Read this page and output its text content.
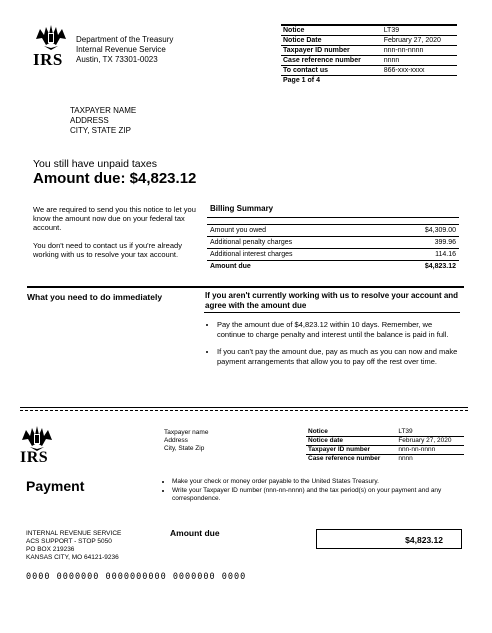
IRS
Department of the Treasury
Internal Revenue Service
Austin, TX 73301-0023
Notice	LT39
Notice Date	February 27, 2020
Taxpayer ID number	nnn-nn-nnnn
Case reference number	nnnn
To contact us	866-xxx-xxxx
Page 1 of 4	
TAXPAYER NAME
ADDRESS
CITY, STATE ZIP
You still have unpaid taxes
Amount due: $4,823.12
We are required to send you this notice to let you know the amount now due on your federal tax account.
You don't need to contact us if you're already working with us to resolve your tax account.
Billing Summary
Amount you owed	$4,309.00
Additional penalty charges	399.96
Additional interest charges	114.16
Amount due	$4,823.12
What you need to do immediately	If you aren't currently working with us to resolve your account and agree with the amount due
• Pay the amount due of $4,823.12 within 10 days. Remember, we continue to charge penalty and interest until the balance is paid in full.
• If you can't pay the amount due, pay as much as you can now and make payment arrangements that allow you to pay off the rest over time.
IRS
Taxpayer name
Address
City, State Zip
Notice	LT39
Notice date	February 27, 2020
Taxpayer ID number	nnn-nn-nnnn
Case reference number	nnnn
Payment	• Make your check or money order payable to the United States Treasury.
• Write your Taxpayer ID number (nnn-nn-nnnn) and the tax period(s) on your payment and any correspondence.
INTERNAL REVENUE SERVICE
ACS SUPPORT - STOP 5050
PO BOX 219236
KANSAS CITY, MO 64121-9236
Amount due
$4,823.12
0000 0000000 0000000000 0000000 0000
